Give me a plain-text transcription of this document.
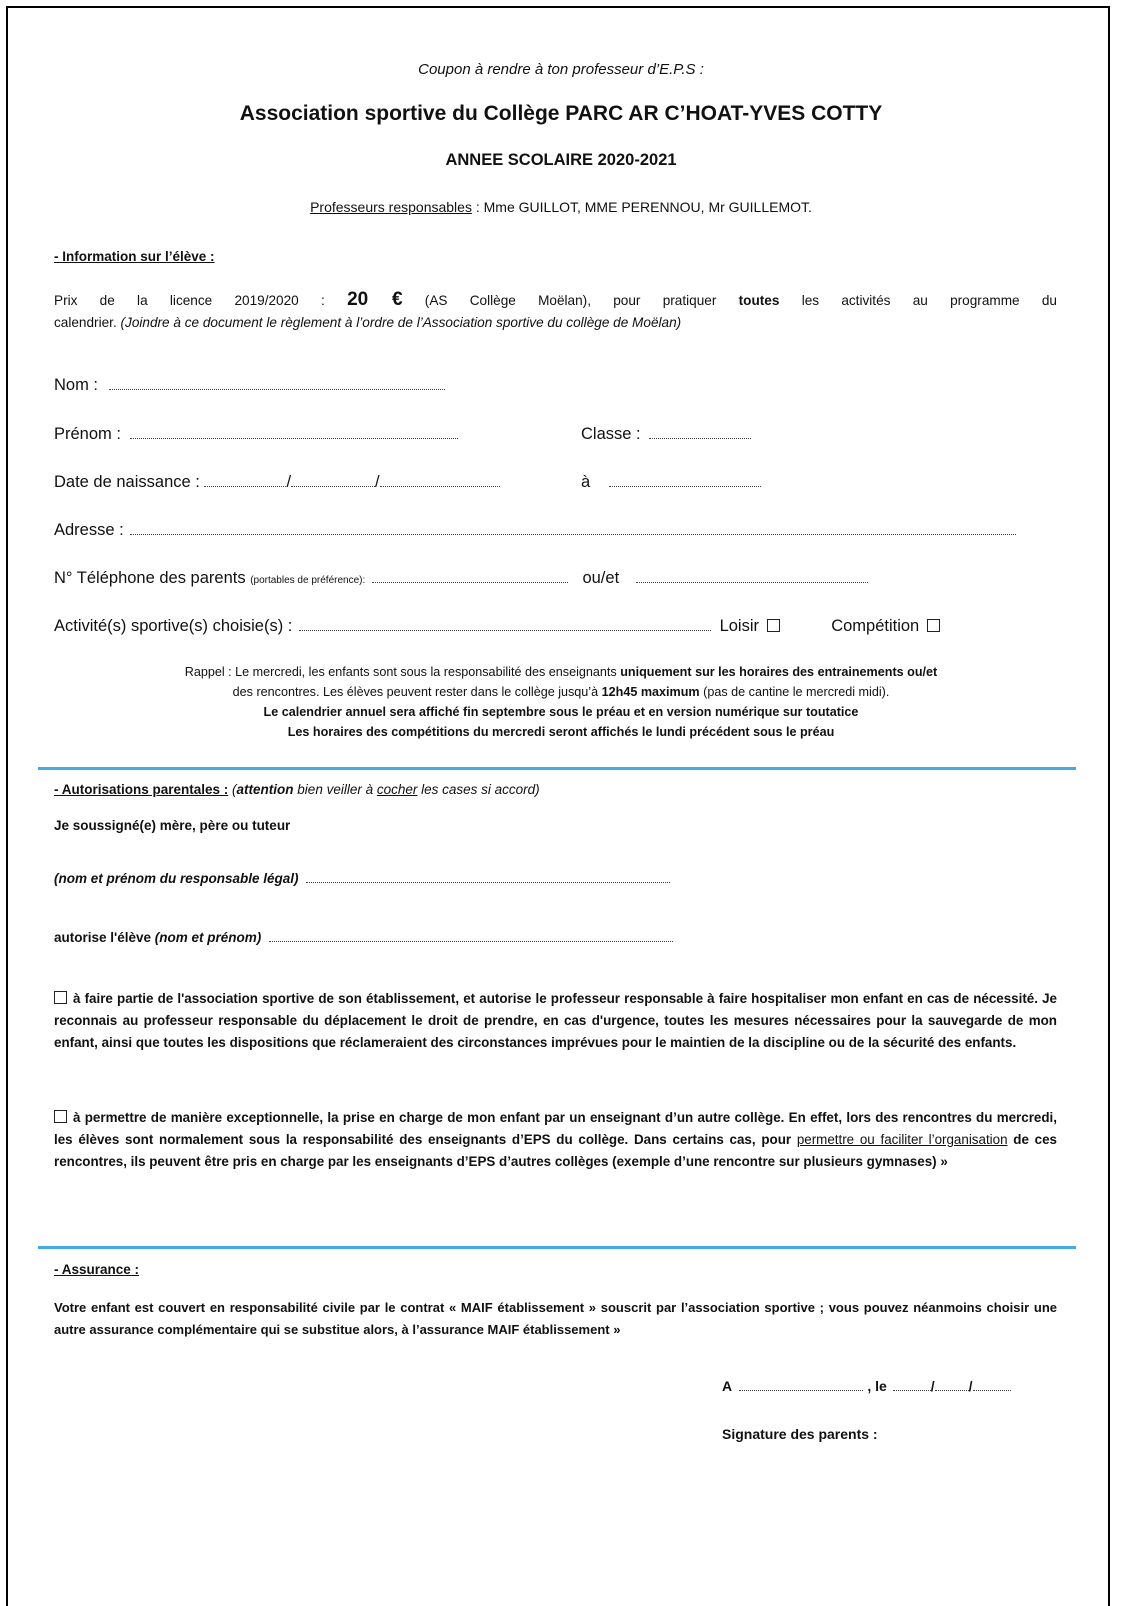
Coupon à rendre à ton professeur d’E.P.S :
Association sportive du Collège PARC AR C’HOAT-YVES COTTY
ANNEE SCOLAIRE 2020-2021
Professeurs responsables : Mme GUILLOT, MME PERENNOU, Mr GUILLEMOT.
- Information sur l’élève :
Prix de la licence 2019/2020 : 20 € (AS Collège Moëlan), pour pratiquer toutes les activités au programme du
calendrier. (Joindre à ce document le règlement à l’ordre de l’Association sportive du collège de Moëlan)
Nom :
Prénom :	Classe :
Date de naissance :	/	/	à
Adresse :
N° Téléphone des parents (portables de préférence):	ou/et
Activité(s) sportive(s) choisie(s) :	Loisir	Compétition
Rappel : Le mercredi, les enfants sont sous la responsabilité des enseignants uniquement sur les horaires des entrainements ou/et
des rencontres. Les élèves peuvent rester dans le collège jusqu’à 12h45 maximum (pas de cantine le mercredi midi).
Le calendrier annuel sera affiché fin septembre sous le préau et en version numérique sur toutatice
Les horaires des compétitions du mercredi seront affichés le lundi précédent sous le préau
- Autorisations parentales : (attention bien veiller à cocher les cases si accord)
Je soussigné(e) mère, père ou tuteur
(nom et prénom du responsable légal)
autorise l'élève (nom et prénom)
à faire partie de l'association sportive de son établissement, et autorise le professeur responsable à faire hospitaliser mon enfant en cas de nécessité. Je reconnais au professeur responsable du déplacement le droit de prendre, en cas d'urgence, toutes les mesures nécessaires pour la sauvegarde de mon enfant, ainsi que toutes les dispositions que réclameraient des circonstances imprévues pour le maintien de la discipline ou de la sécurité des enfants.
à permettre de manière exceptionnelle, la prise en charge de mon enfant par un enseignant d’un autre collège. En effet, lors des rencontres du mercredi, les élèves sont normalement sous la responsabilité des enseignants d’EPS du collège. Dans certains cas, pour permettre ou faciliter l’organisation de ces rencontres, ils peuvent être pris en charge par les enseignants d’EPS d’autres collèges (exemple d’une rencontre sur plusieurs gymnases) »
- Assurance :
Votre enfant est couvert en responsabilité civile par le contrat « MAIF établissement » souscrit par l’association sportive ; vous pouvez néanmoins choisir une autre assurance complémentaire qui se substitue alors, à l’assurance MAIF établissement »
A	, le	/ /
Signature des parents :
